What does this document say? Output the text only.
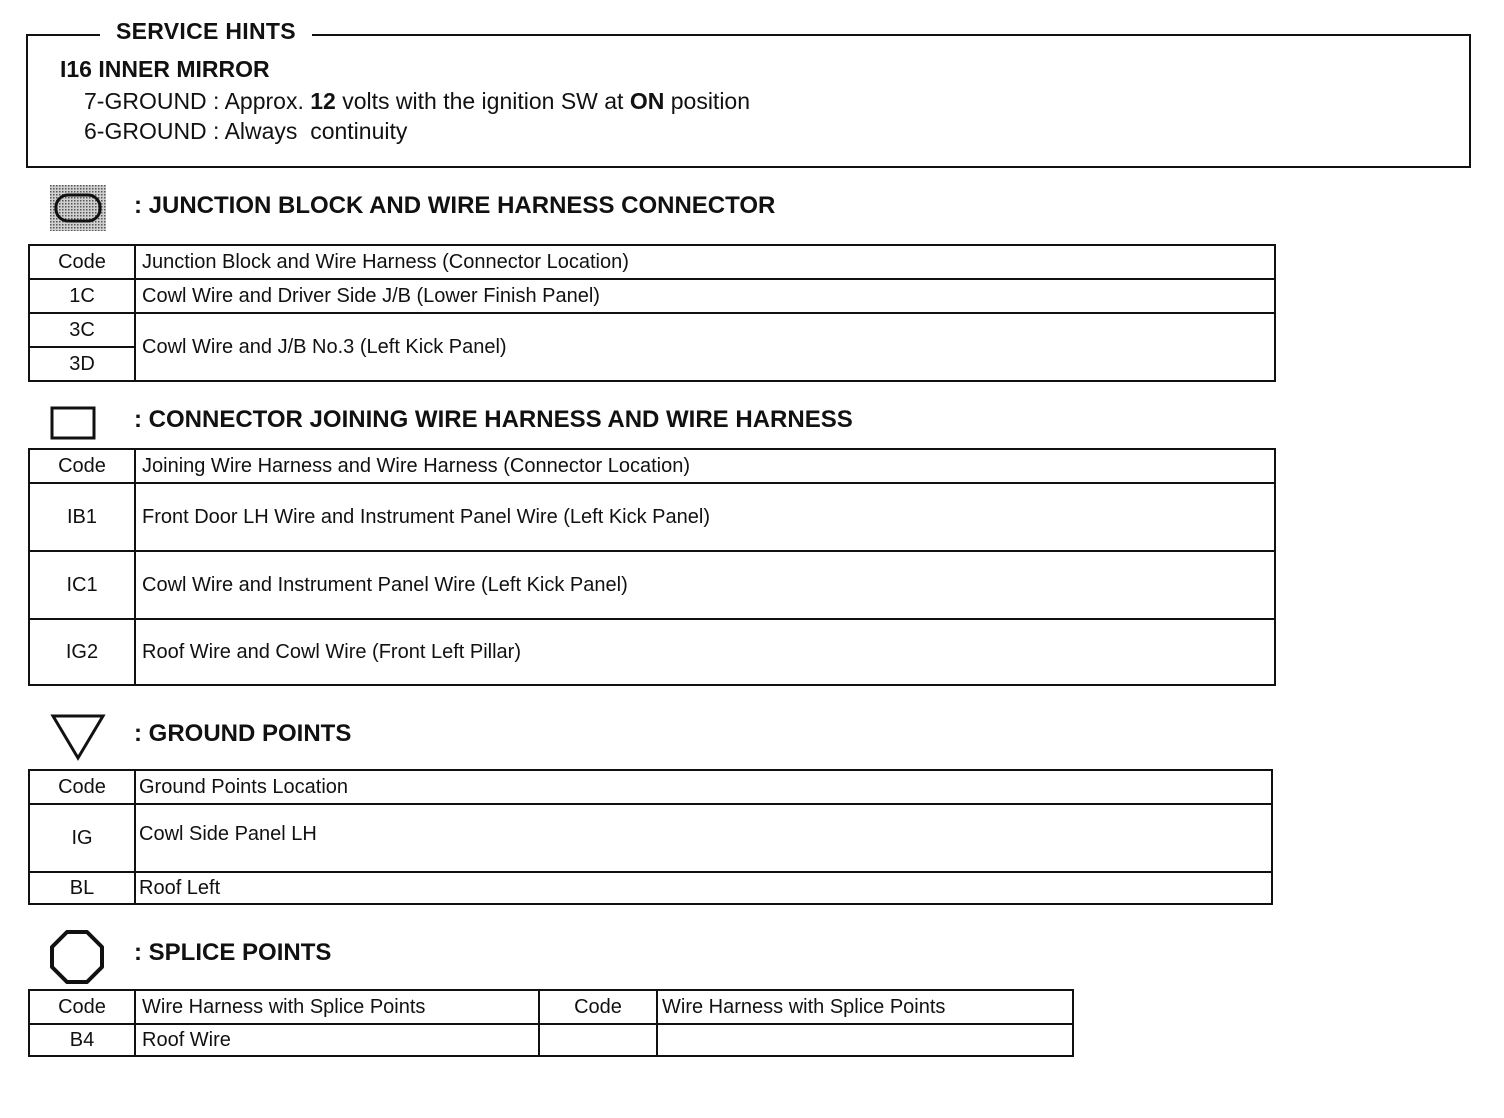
SERVICE HINTS
I16 INNER MIRROR
7-GROUND : Approx. 12 volts with the ignition SW at ON position
6-GROUND : Always  continuity
: JUNCTION BLOCK AND WIRE HARNESS CONNECTOR
Code	Junction Block and Wire Harness (Connector Location)
1C	Cowl Wire and Driver Side J/B (Lower Finish Panel)
3C	Cowl Wire and J/B No.3 (Left Kick Panel)
3D	
: CONNECTOR JOINING WIRE HARNESS AND WIRE HARNESS
Code	Joining Wire Harness and Wire Harness (Connector Location)
IB1	Front Door LH Wire and Instrument Panel Wire (Left Kick Panel)
IC1	Cowl Wire and Instrument Panel Wire (Left Kick Panel)
IG2	Roof Wire and Cowl Wire (Front Left Pillar)
: GROUND POINTS
Code	Ground Points Location
IG	Cowl Side Panel LH
BL	Roof Left
: SPLICE POINTS
Code	Wire Harness with Splice Points	Code	Wire Harness with Splice Points
B4	Roof Wire		
